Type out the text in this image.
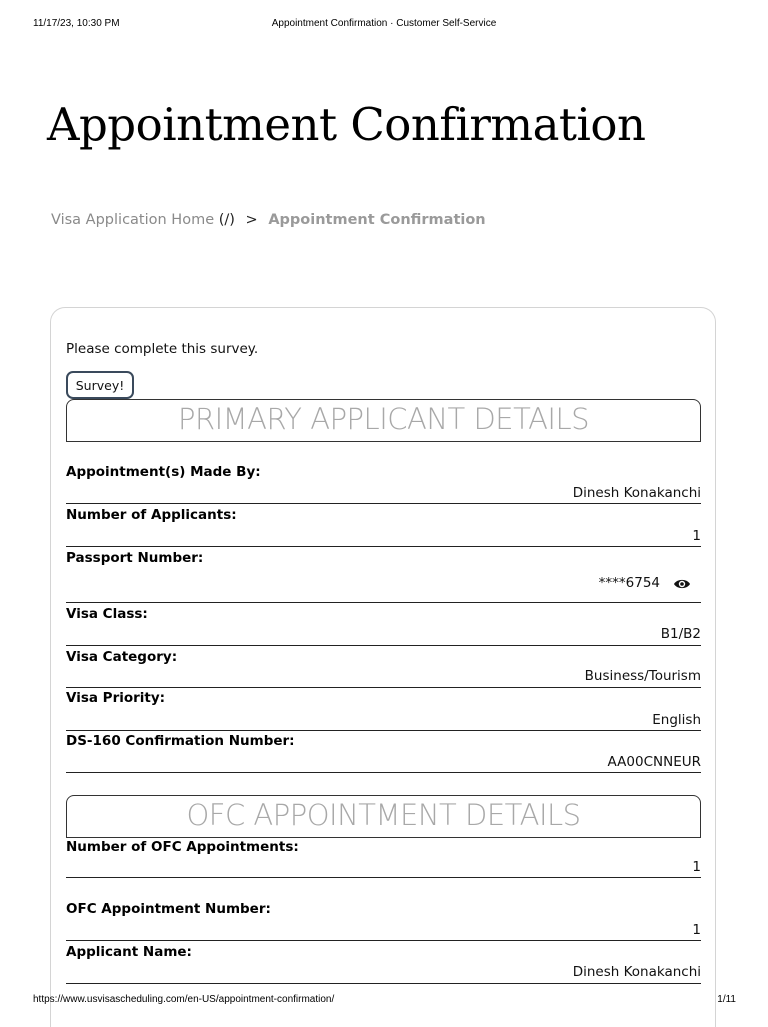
11/17/23, 10:30 PM	Appointment Confirmation · Customer Self-Service
Appointment Confirmation
Visa Application Home (/) > Appointment Confirmation
Please complete this survey.
Survey!
PRIMARY APPLICANT DETAILS
Appointment(s) Made By:
Dinesh Konakanchi
Number of Applicants:
1
Passport Number:
****6754
Visa Class:
B1/B2
Visa Category:
Business/Tourism
Visa Priority:
English
DS-160 Confirmation Number:
AA00CNNEUR
OFC APPOINTMENT DETAILS
Number of OFC Appointments:
1
OFC Appointment Number:
1
Applicant Name:
Dinesh Konakanchi
https://www.usvisascheduling.com/en-US/appointment-confirmation/	1/11
